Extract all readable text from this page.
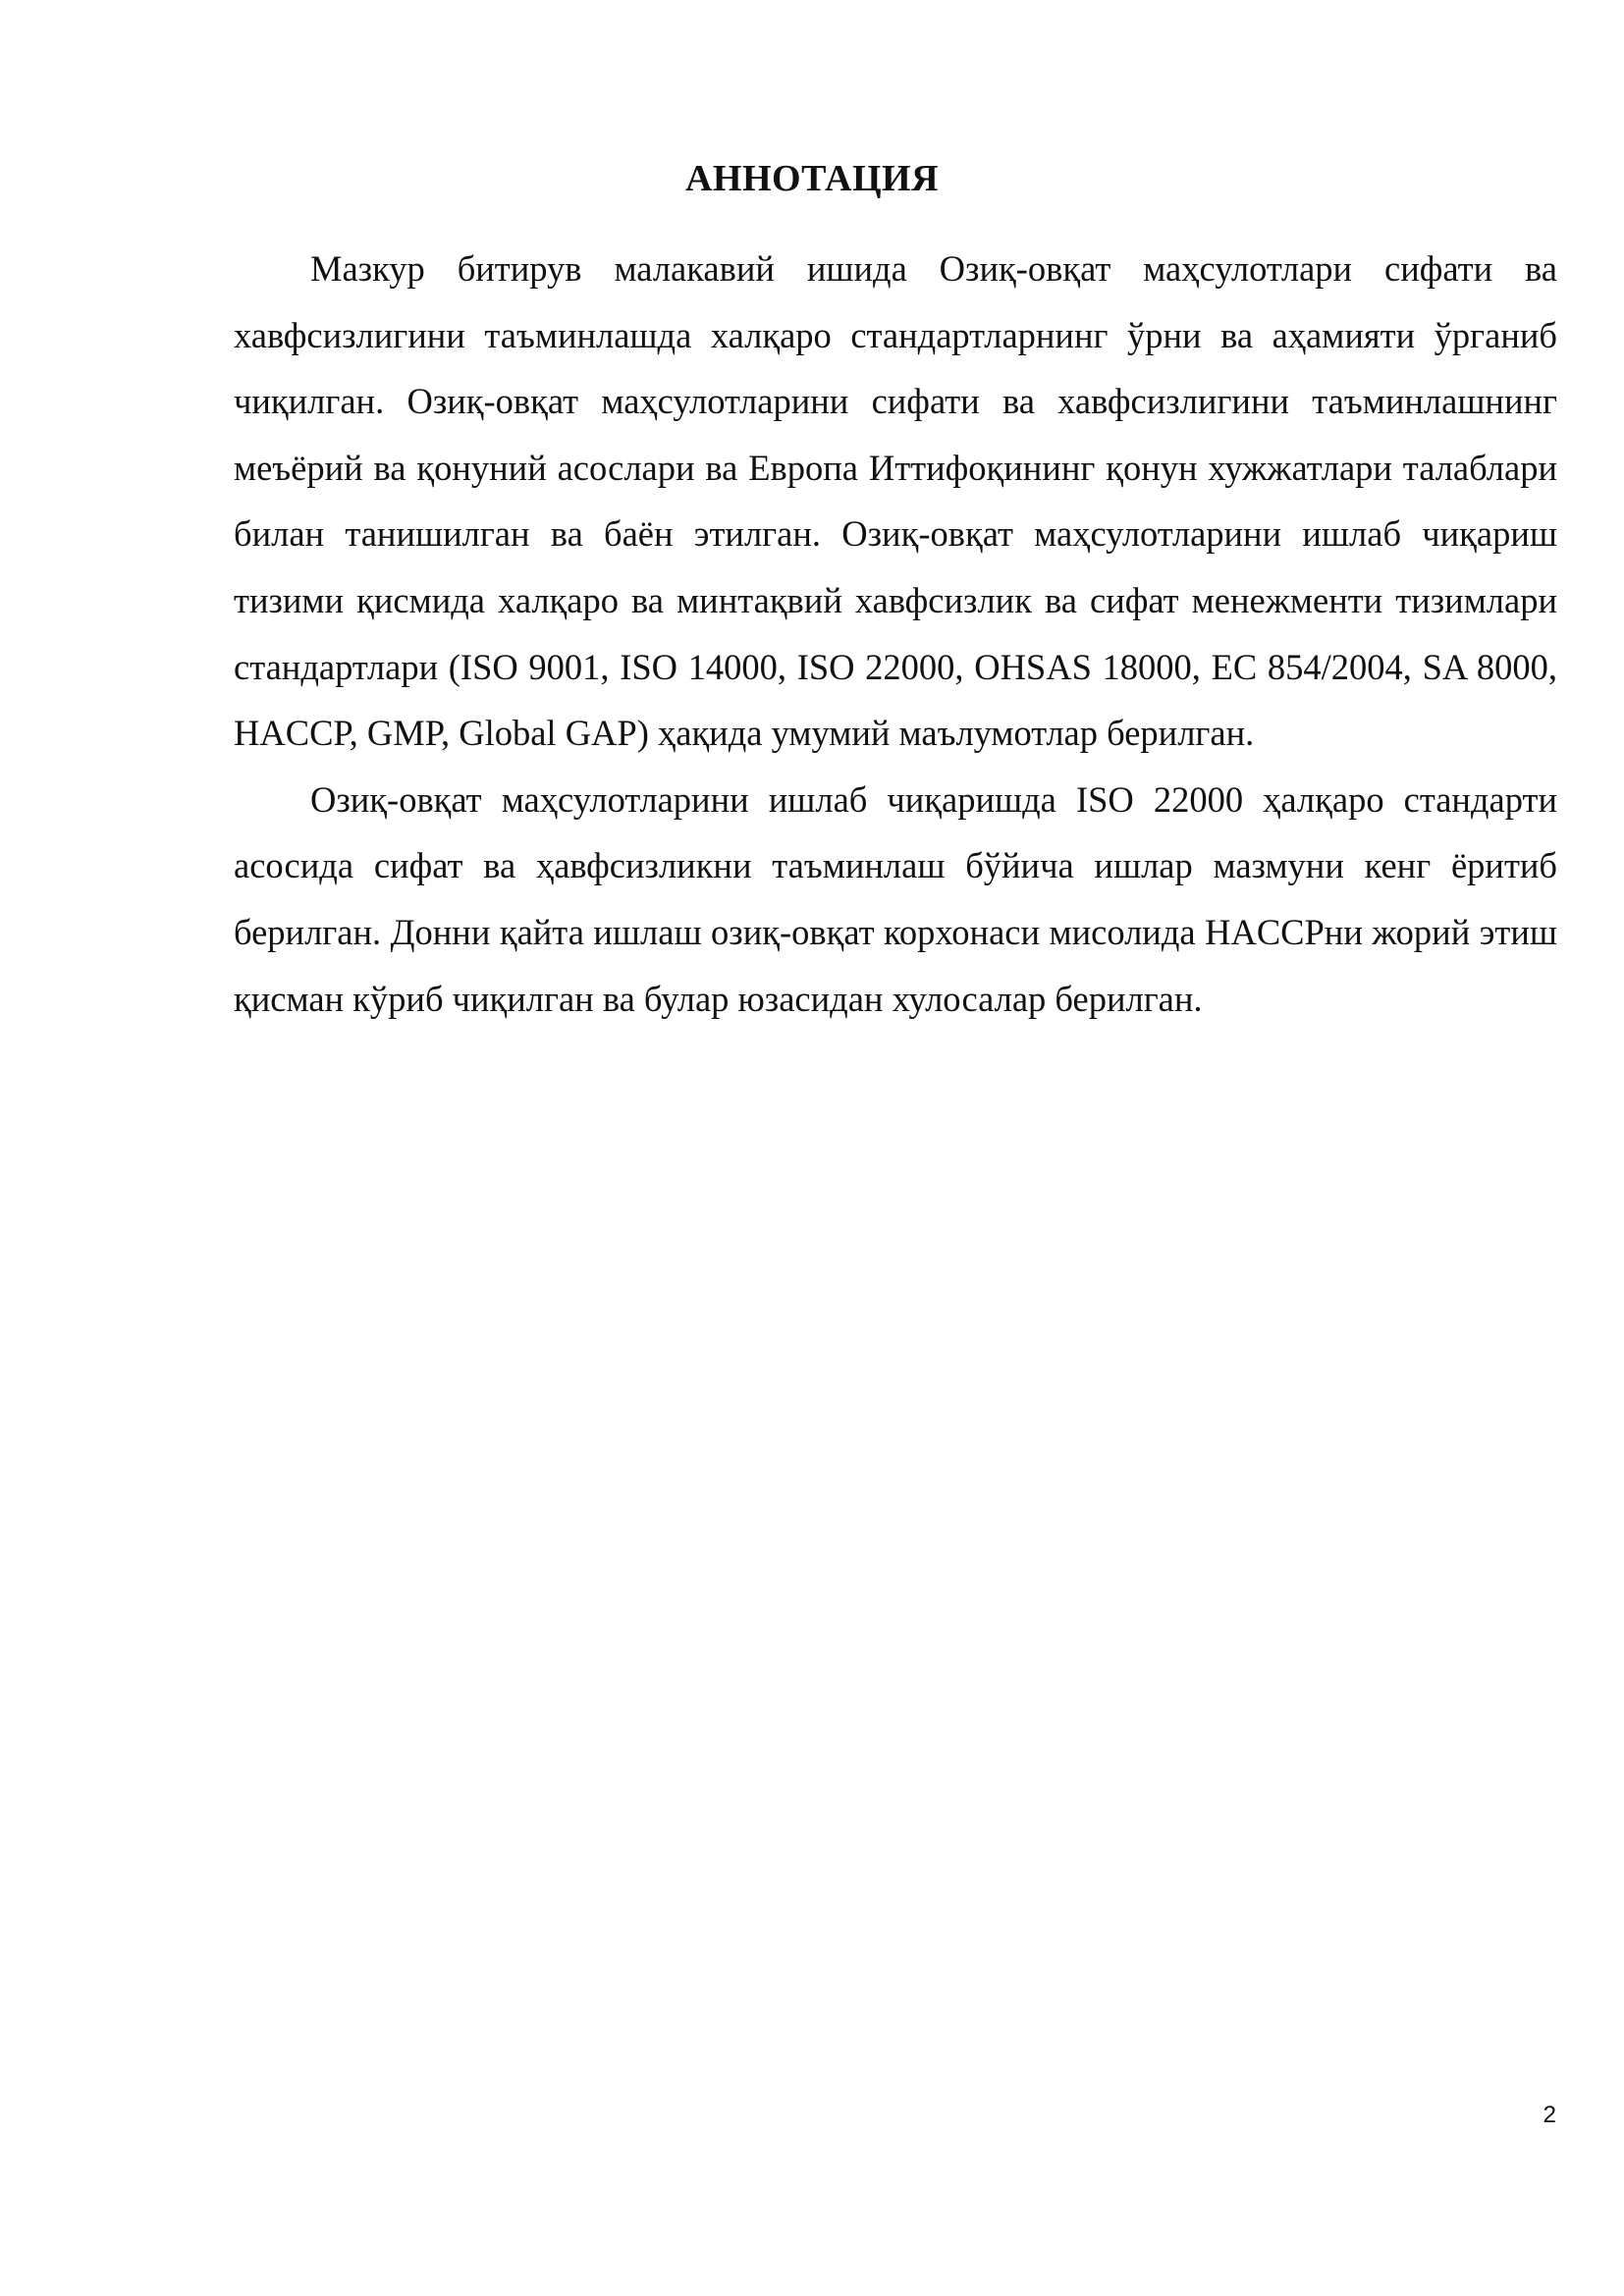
АННОТАЦИЯ

Мазкур битирув малакавий ишида Озиқ-овқат маҳсулотлари сифати ва хавфсизлигини таъминлашда халқаро стандартларнинг ўрни ва аҳамияти ўрганиб чиқилган. Озиқ-овқат маҳсулотларини сифати ва хавфсизлигини таъминлашнинг меъёрий ва қонуний асослари ва Европа Иттифоқининг қонун хужжатлари талаблари билан танишилган ва баён этилган. Озиқ-овқат маҳсулотларини ишлаб чиқариш тизими қисмида халқаро ва минтақвий хавфсизлик ва сифат менежменти тизимлари стандартлари (ISO 9001, ISO 14000, ISO 22000, OHSAS 18000, ЕС 854/2004, SA 8000, HACCP, GMP, Global GAP) ҳақида умумий маълумотлар берилган.

Озиқ-овқат маҳсулотларини ишлаб чиқаришда ISO 22000 ҳалқаро стандарти асосида сифат ва ҳавфсизликни таъминлаш бўйича ишлар мазмуни кенг ёритиб берилган. Донни қайта ишлаш озиқ-овқат корхонаси мисолида HACCPни жорий этиш қисман кўриб чиқилган ва булар юзасидан хулосалар берилган.

2
